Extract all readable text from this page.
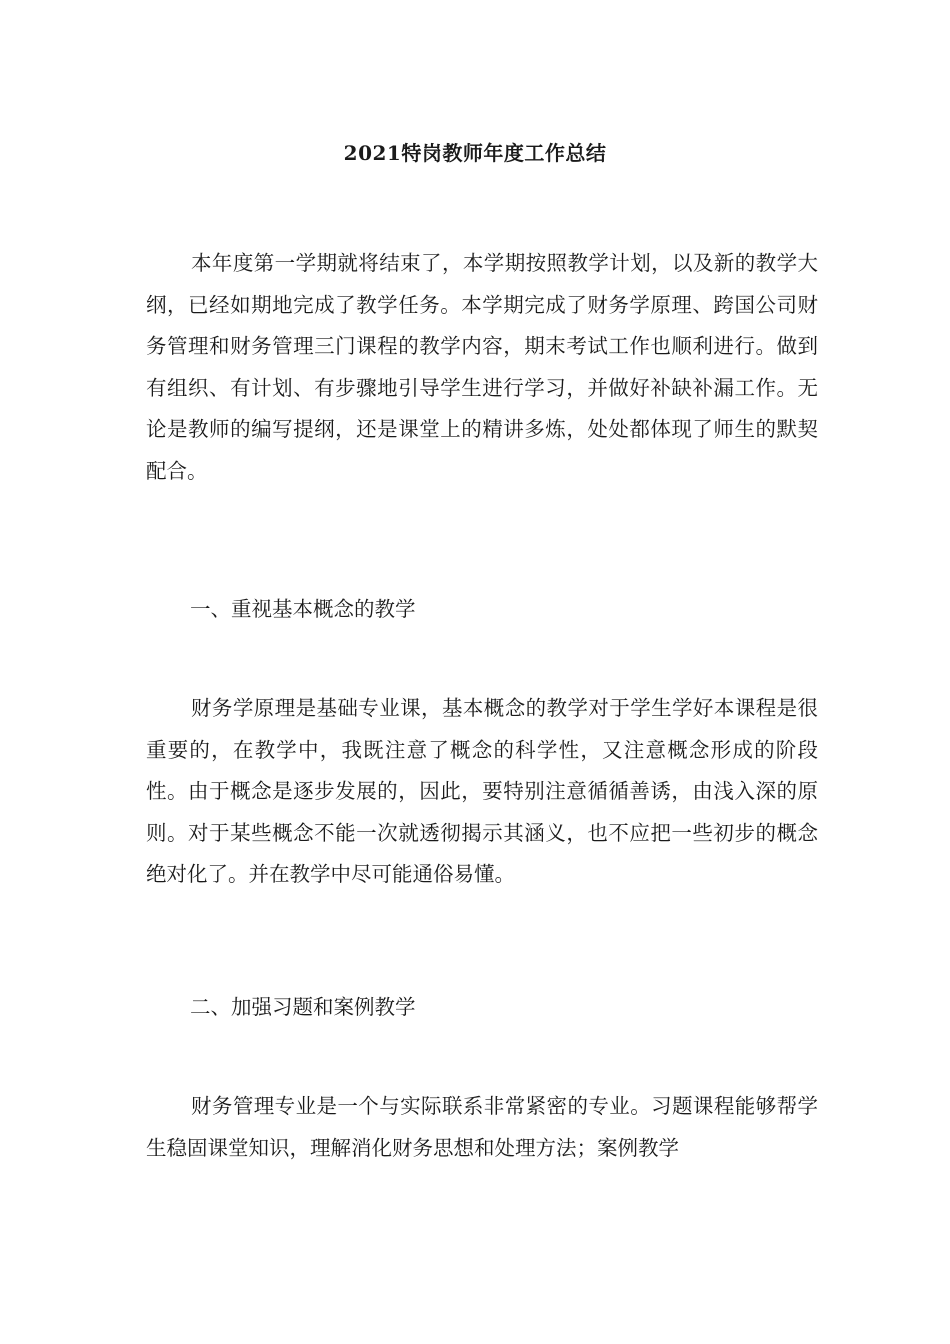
2021特岗教师年度工作总结

本年度第一学期就将结束了，本学期按照教学计划，以及新的教学大纲，已经如期地完成了教学任务。本学期完成了财务学原理、跨国公司财务管理和财务管理三门课程的教学内容，期末考试工作也顺利进行。做到有组织、有计划、有步骤地引导学生进行学习，并做好补缺补漏工作。无论是教师的编写提纲，还是课堂上的精讲多炼，处处都体现了师生的默契配合。

一、重视基本概念的教学

财务学原理是基础专业课，基本概念的教学对于学生学好本课程是很重要的，在教学中，我既注意了概念的科学性，又注意概念形成的阶段性。由于概念是逐步发展的，因此，要特别注意循循善诱，由浅入深的原则。对于某些概念不能一次就透彻揭示其涵义，也不应把一些初步的概念绝对化了。并在教学中尽可能通俗易懂。

二、加强习题和案例教学

财务管理专业是一个与实际联系非常紧密的专业。习题课程能够帮学生稳固课堂知识，理解消化财务思想和处理方法；案例教学
